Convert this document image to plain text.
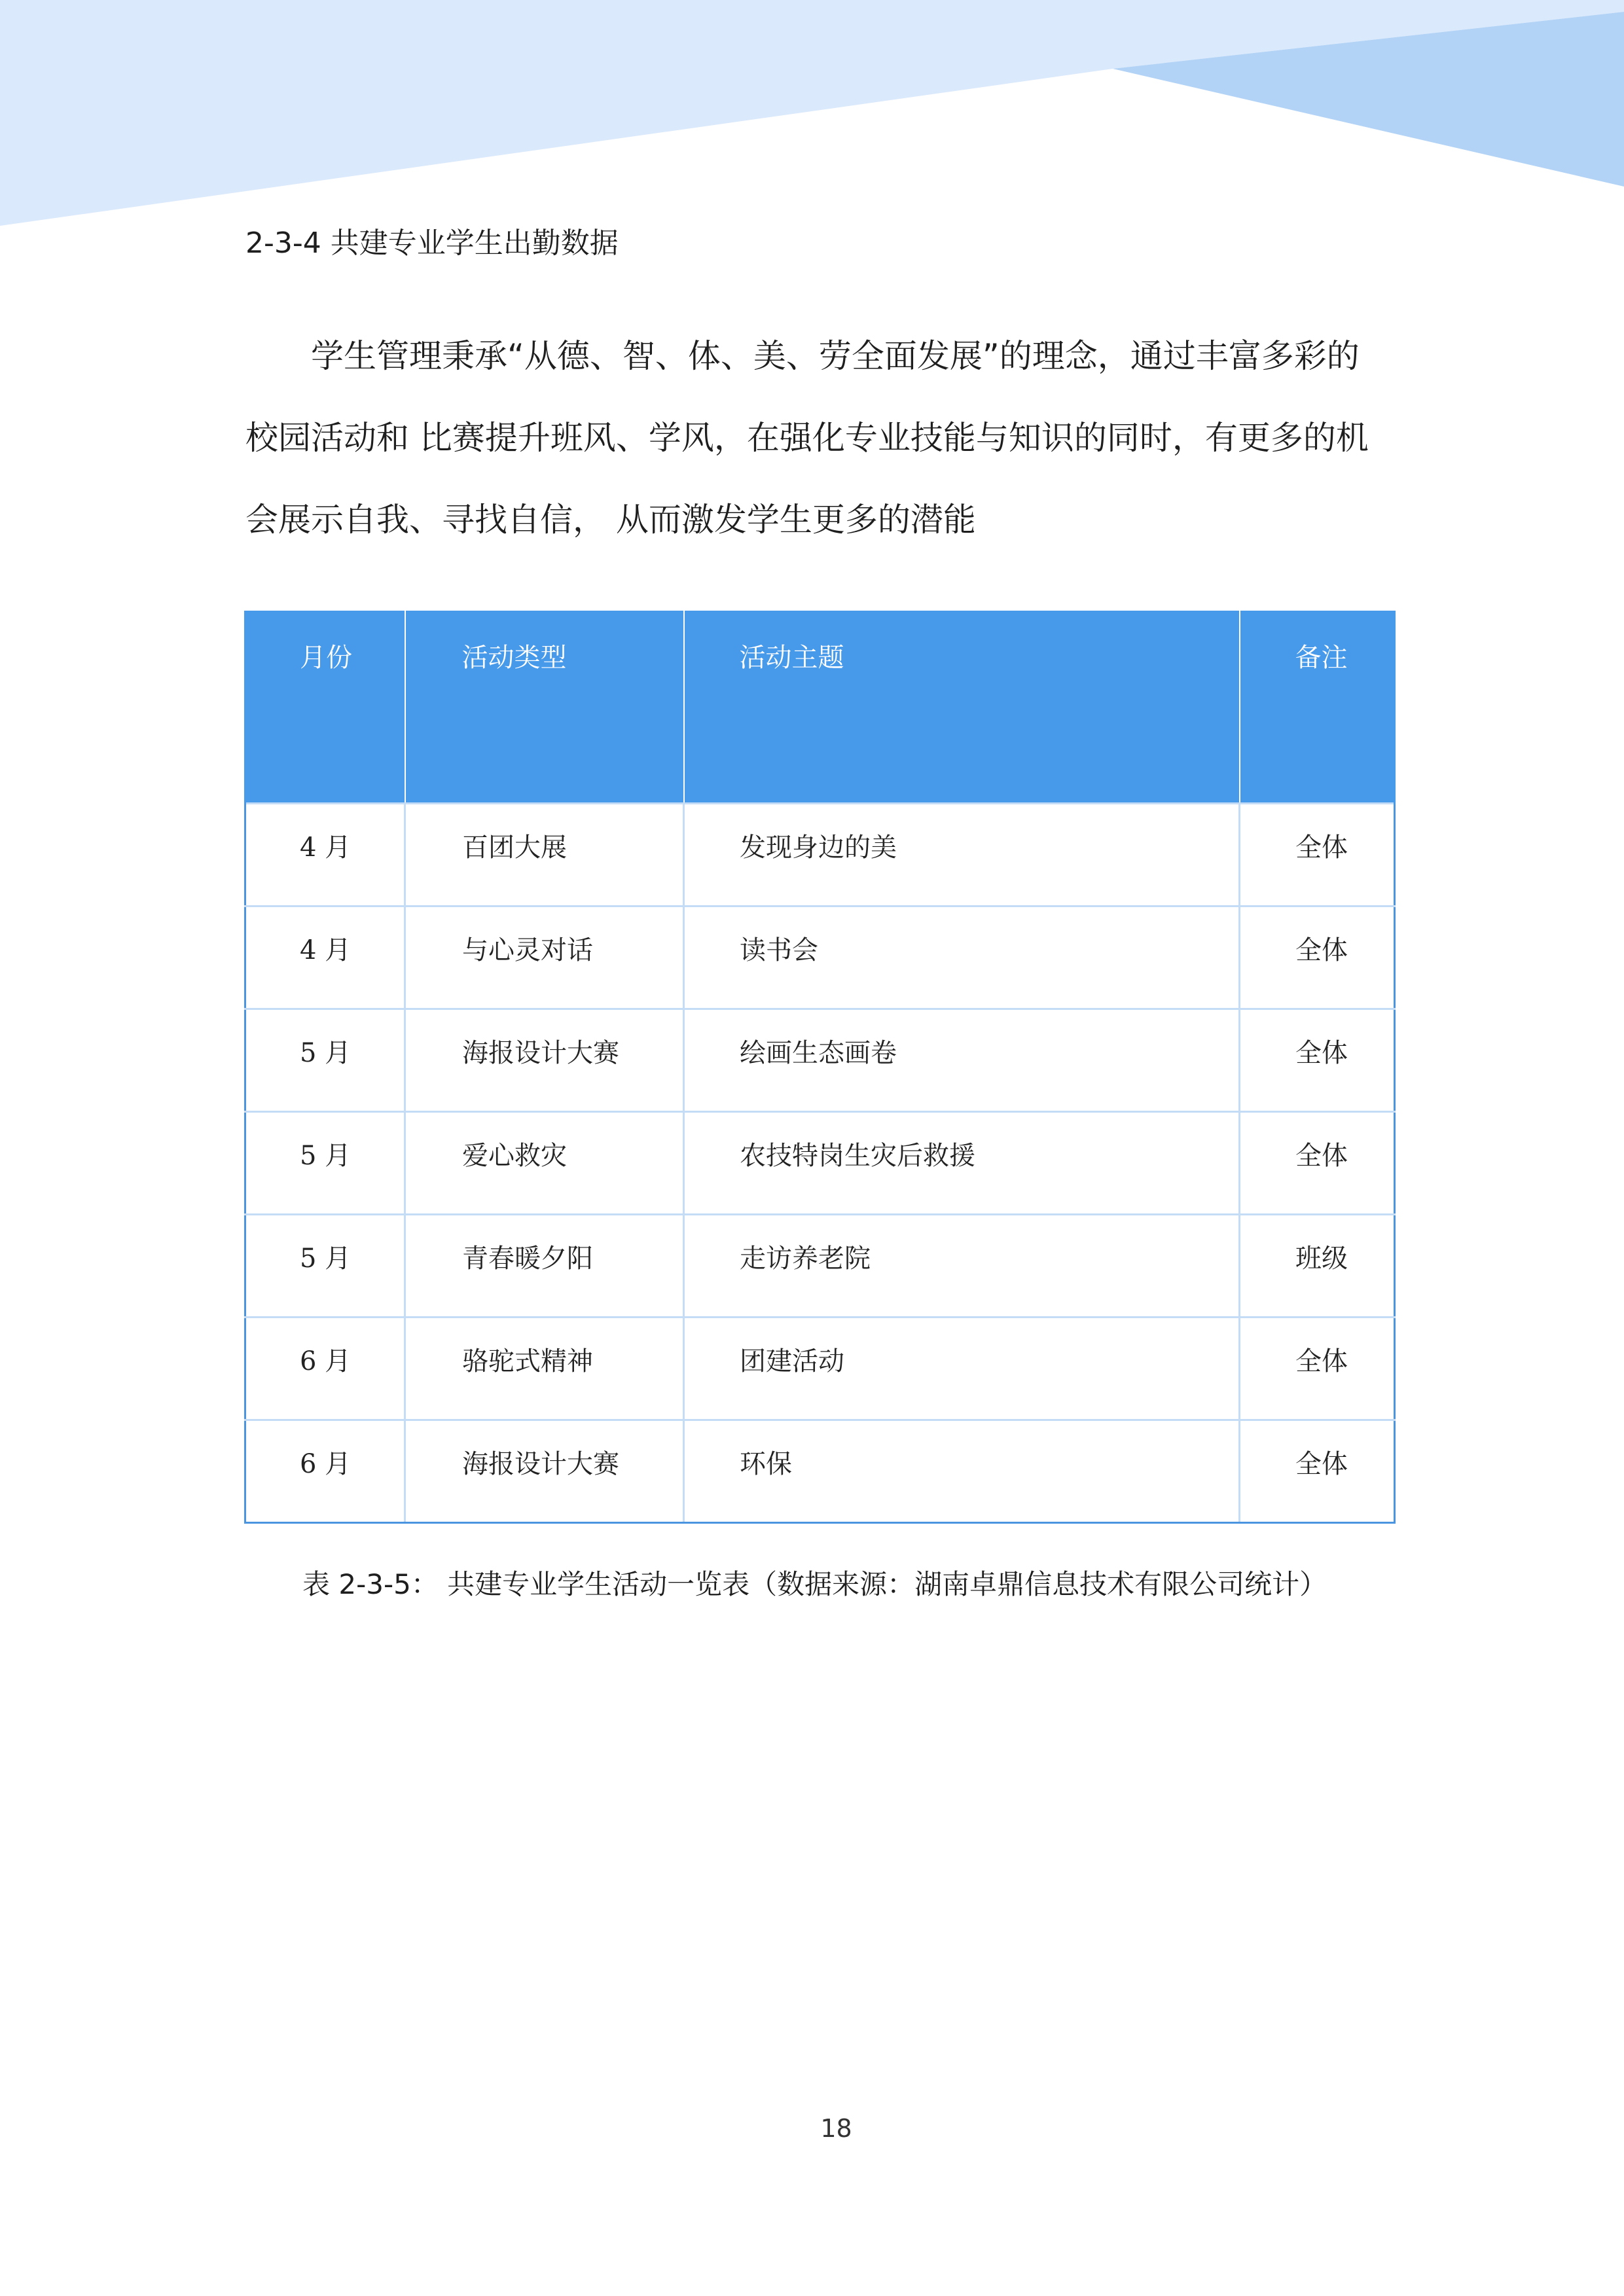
2-3-4 共建专业学生出勤数据

学生管理秉承“从德、智、体、美、劳全面发展”的理念，通过丰富多彩的校园活动和 比赛提升班风、学风，在强化专业技能与知识的同时，有更多的机会展示自我、寻找自信， 从而激发学生更多的潜能

月份	活动类型	活动主题	备注
4 月	百团大展	发现身边的美	全体
4 月	与心灵对话	读书会	全体
5 月	海报设计大赛	绘画生态画卷	全体
5 月	爱心救灾	农技特岗生灾后救援	全体
5 月	青春暖夕阳	走访养老院	班级
6 月	骆驼式精神	团建活动	全体
6 月	海报设计大赛	环保	全体
表 2-3-5： 共建专业学生活动一览表（数据来源：湖南卓鼎信息技术有限公司统计）
18
